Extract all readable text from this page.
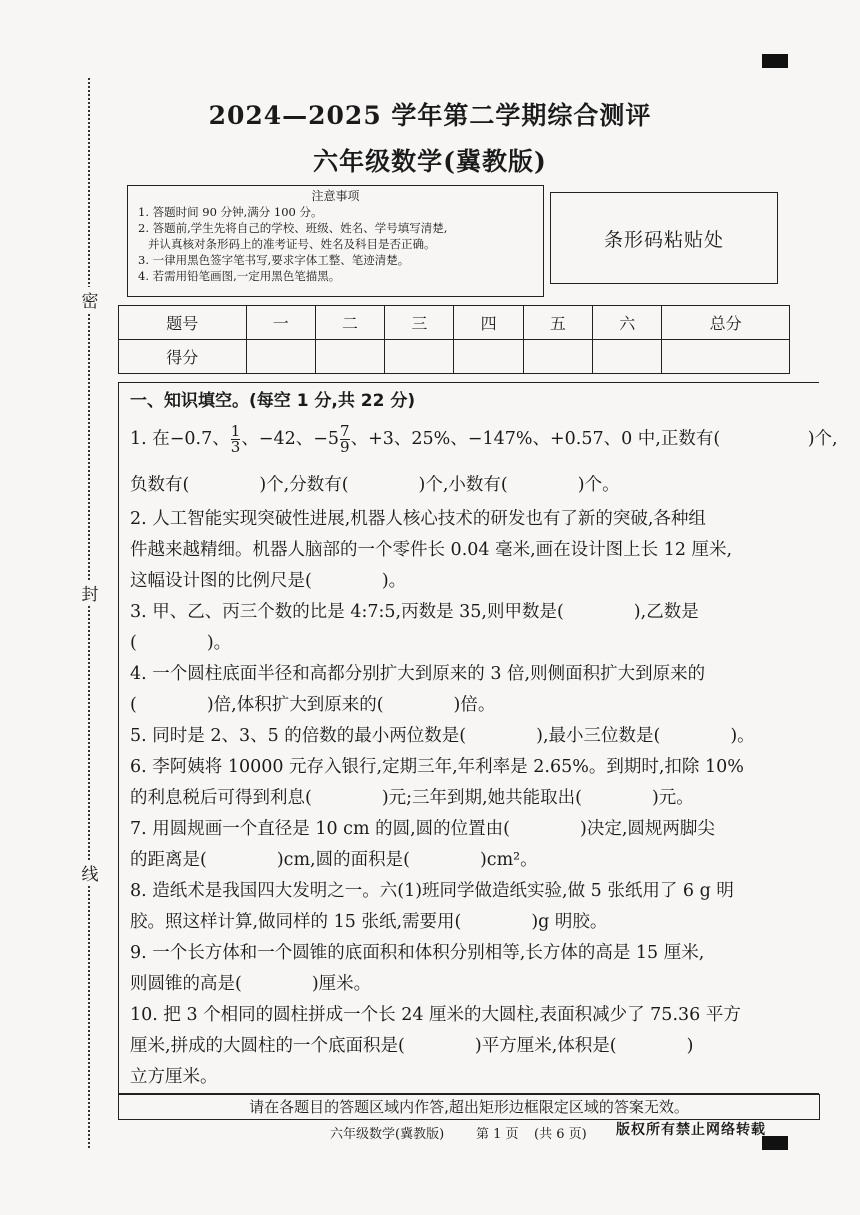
密
封
线
2024—2025 学年第二学期综合测评
六年级数学(冀教版)
注意事项
1. 答题时间 90 分钟,满分 100 分。
2. 答题前,学生先将自己的学校、班级、姓名、学号填写清楚,
并认真核对条形码上的准考证号、姓名及科目是否正确。
3. 一律用黑色签字笔书写,要求字体工整、笔迹清楚。
4. 若需用铅笔画图,一定用黑色笔描黑。
条形码粘贴处
题号	一	二	三	四	五	六	总分
得分							
一、知识填空。(每空 1 分,共 22 分)
1. 在−0.7、 $\frac{1}{3}$ 、−42、$-5 \frac{7}{9}$ 、+3、25%、−147%、+0.57、0 中,正数有(　　　　　)个,
负数有(　　　　)个,分数有(　　　　)个,小数有(　　　　)个。
2. 人工智能实现突破性进展,机器人核心技术的研发也有了新的突破,各种组
件越来越精细。机器人脑部的一个零件长 0.04 毫米,画在设计图上长 12 厘米,
这幅设计图的比例尺是(　　　　)。
3. 甲、乙、丙三个数的比是 4:7:5,丙数是 35,则甲数是(　　　　),乙数是
(　　　　)。
4. 一个圆柱底面半径和高都分别扩大到原来的 3 倍,则侧面积扩大到原来的
(　　　　)倍,体积扩大到原来的(　　　　)倍。
5. 同时是 2、3、5 的倍数的最小两位数是(　　　　),最小三位数是(　　　　)。
6. 李阿姨将 10000 元存入银行,定期三年,年利率是 2.65%。到期时,扣除 10%
的利息税后可得到利息(　　　　)元;三年到期,她共能取出(　　　　)元。
7. 用圆规画一个直径是 10 cm 的圆,圆的位置由(　　　　)决定,圆规两脚尖
的距离是(　　　　)cm,圆的面积是(　　　　)cm²。
8. 造纸术是我国四大发明之一。六(1)班同学做造纸实验,做 5 张纸用了 6 g 明
胶。照这样计算,做同样的 15 张纸,需要用(　　　　)g 明胶。
9. 一个长方体和一个圆锥的底面积和体积分别相等,长方体的高是 15 厘米,
则圆锥的高是(　　　　)厘米。
10. 把 3 个相同的圆柱拼成一个长 24 厘米的大圆柱,表面积减少了 75.36 平方
厘米,拼成的大圆柱的一个底面积是(　　　　)平方厘米,体积是(　　　　)
立方厘米。
请在各题目的答题区域内作答,超出矩形边框限定区域的答案无效。
六年级数学(冀教版) 第 1 页 (共 6 页) 版权所有禁止网络转载
